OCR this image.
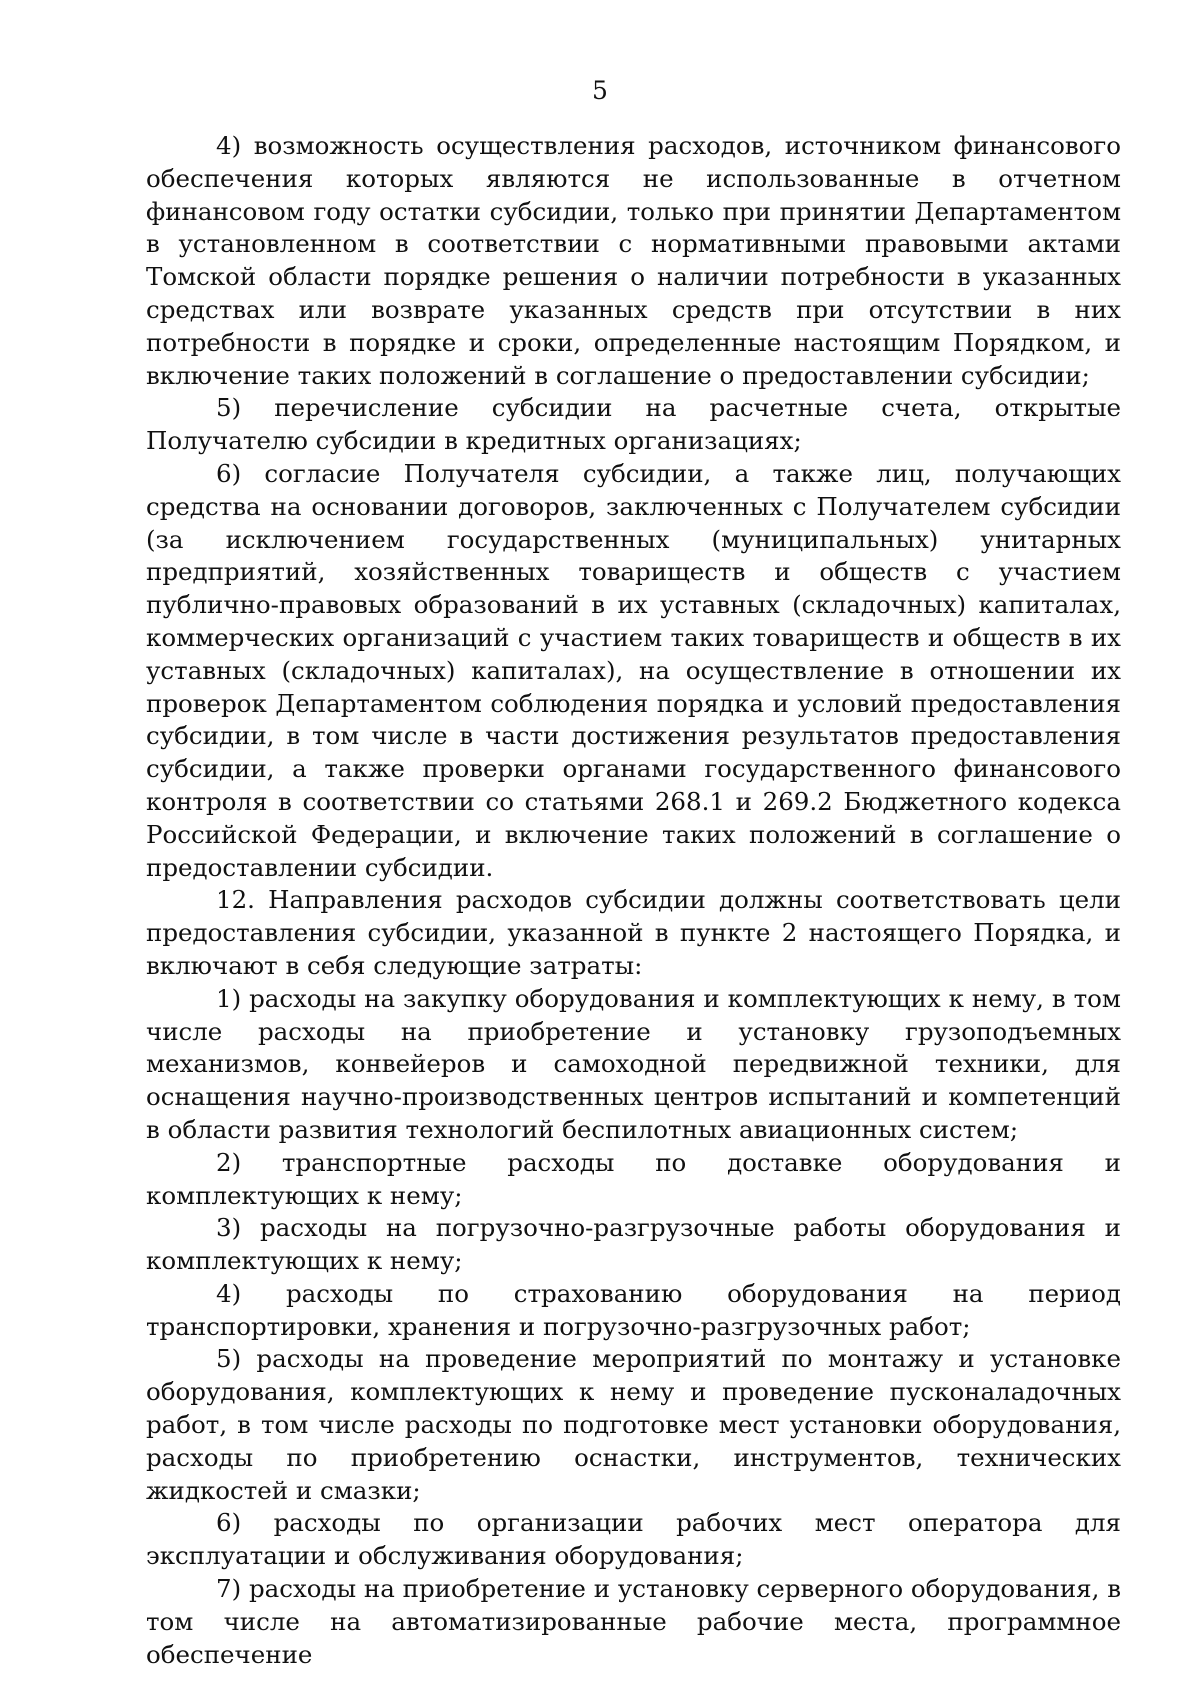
5

4) возможность осуществления расходов, источником финансового обеспечения которых являются не использованные в отчетном финансовом году остатки субсидии, только при принятии Департаментом в установленном в соответствии с нормативными правовыми актами Томской области порядке решения о наличии потребности в указанных средствах или возврате указанных средств при отсутствии в них потребности в порядке и сроки, определенные настоящим Порядком, и включение таких положений в соглашение о предоставлении субсидии;

5) перечисление субсидии на расчетные счета, открытые Получателю субсидии в кредитных организациях;

6) согласие Получателя субсидии, а также лиц, получающих средства на основании договоров, заключенных с Получателем субсидии (за исключением государственных (муниципальных) унитарных предприятий, хозяйственных товариществ и обществ с участием публично-правовых образований в их уставных (складочных) капиталах, коммерческих организаций с участием таких товариществ и обществ в их уставных (складочных) капиталах), на осуществление в отношении их проверок Департаментом соблюдения порядка и условий предоставления субсидии, в том числе в части достижения результатов предоставления субсидии, а также проверки органами государственного финансового контроля в соответствии со статьями 268.1 и 269.2 Бюджетного кодекса Российской Федерации, и включение таких положений в соглашение о предоставлении субсидии.

12. Направления расходов субсидии должны соответствовать цели предоставления субсидии, указанной в пункте 2 настоящего Порядка, и включают в себя следующие затраты:

1) расходы на закупку оборудования и комплектующих к нему, в том числе расходы на приобретение и установку грузоподъемных механизмов, конвейеров и самоходной передвижной техники, для оснащения научно-производственных центров испытаний и компетенций в области развития технологий беспилотных авиационных систем;

2) транспортные расходы по доставке оборудования и комплектующих к нему;

3) расходы на погрузочно-разгрузочные работы оборудования и комплектующих к нему;

4) расходы по страхованию оборудования на период транспортировки, хранения и погрузочно-разгрузочных работ;

5) расходы на проведение мероприятий по монтажу и установке оборудования, комплектующих к нему и проведение пусконаладочных работ, в том числе расходы по подготовке мест установки оборудования, расходы по приобретению оснастки, инструментов, технических жидкостей и смазки;

6) расходы по организации рабочих мест оператора для эксплуатации и обслуживания оборудования;

7) расходы на приобретение и установку серверного оборудования, в том числе на автоматизированные рабочие места, программное обеспечение
